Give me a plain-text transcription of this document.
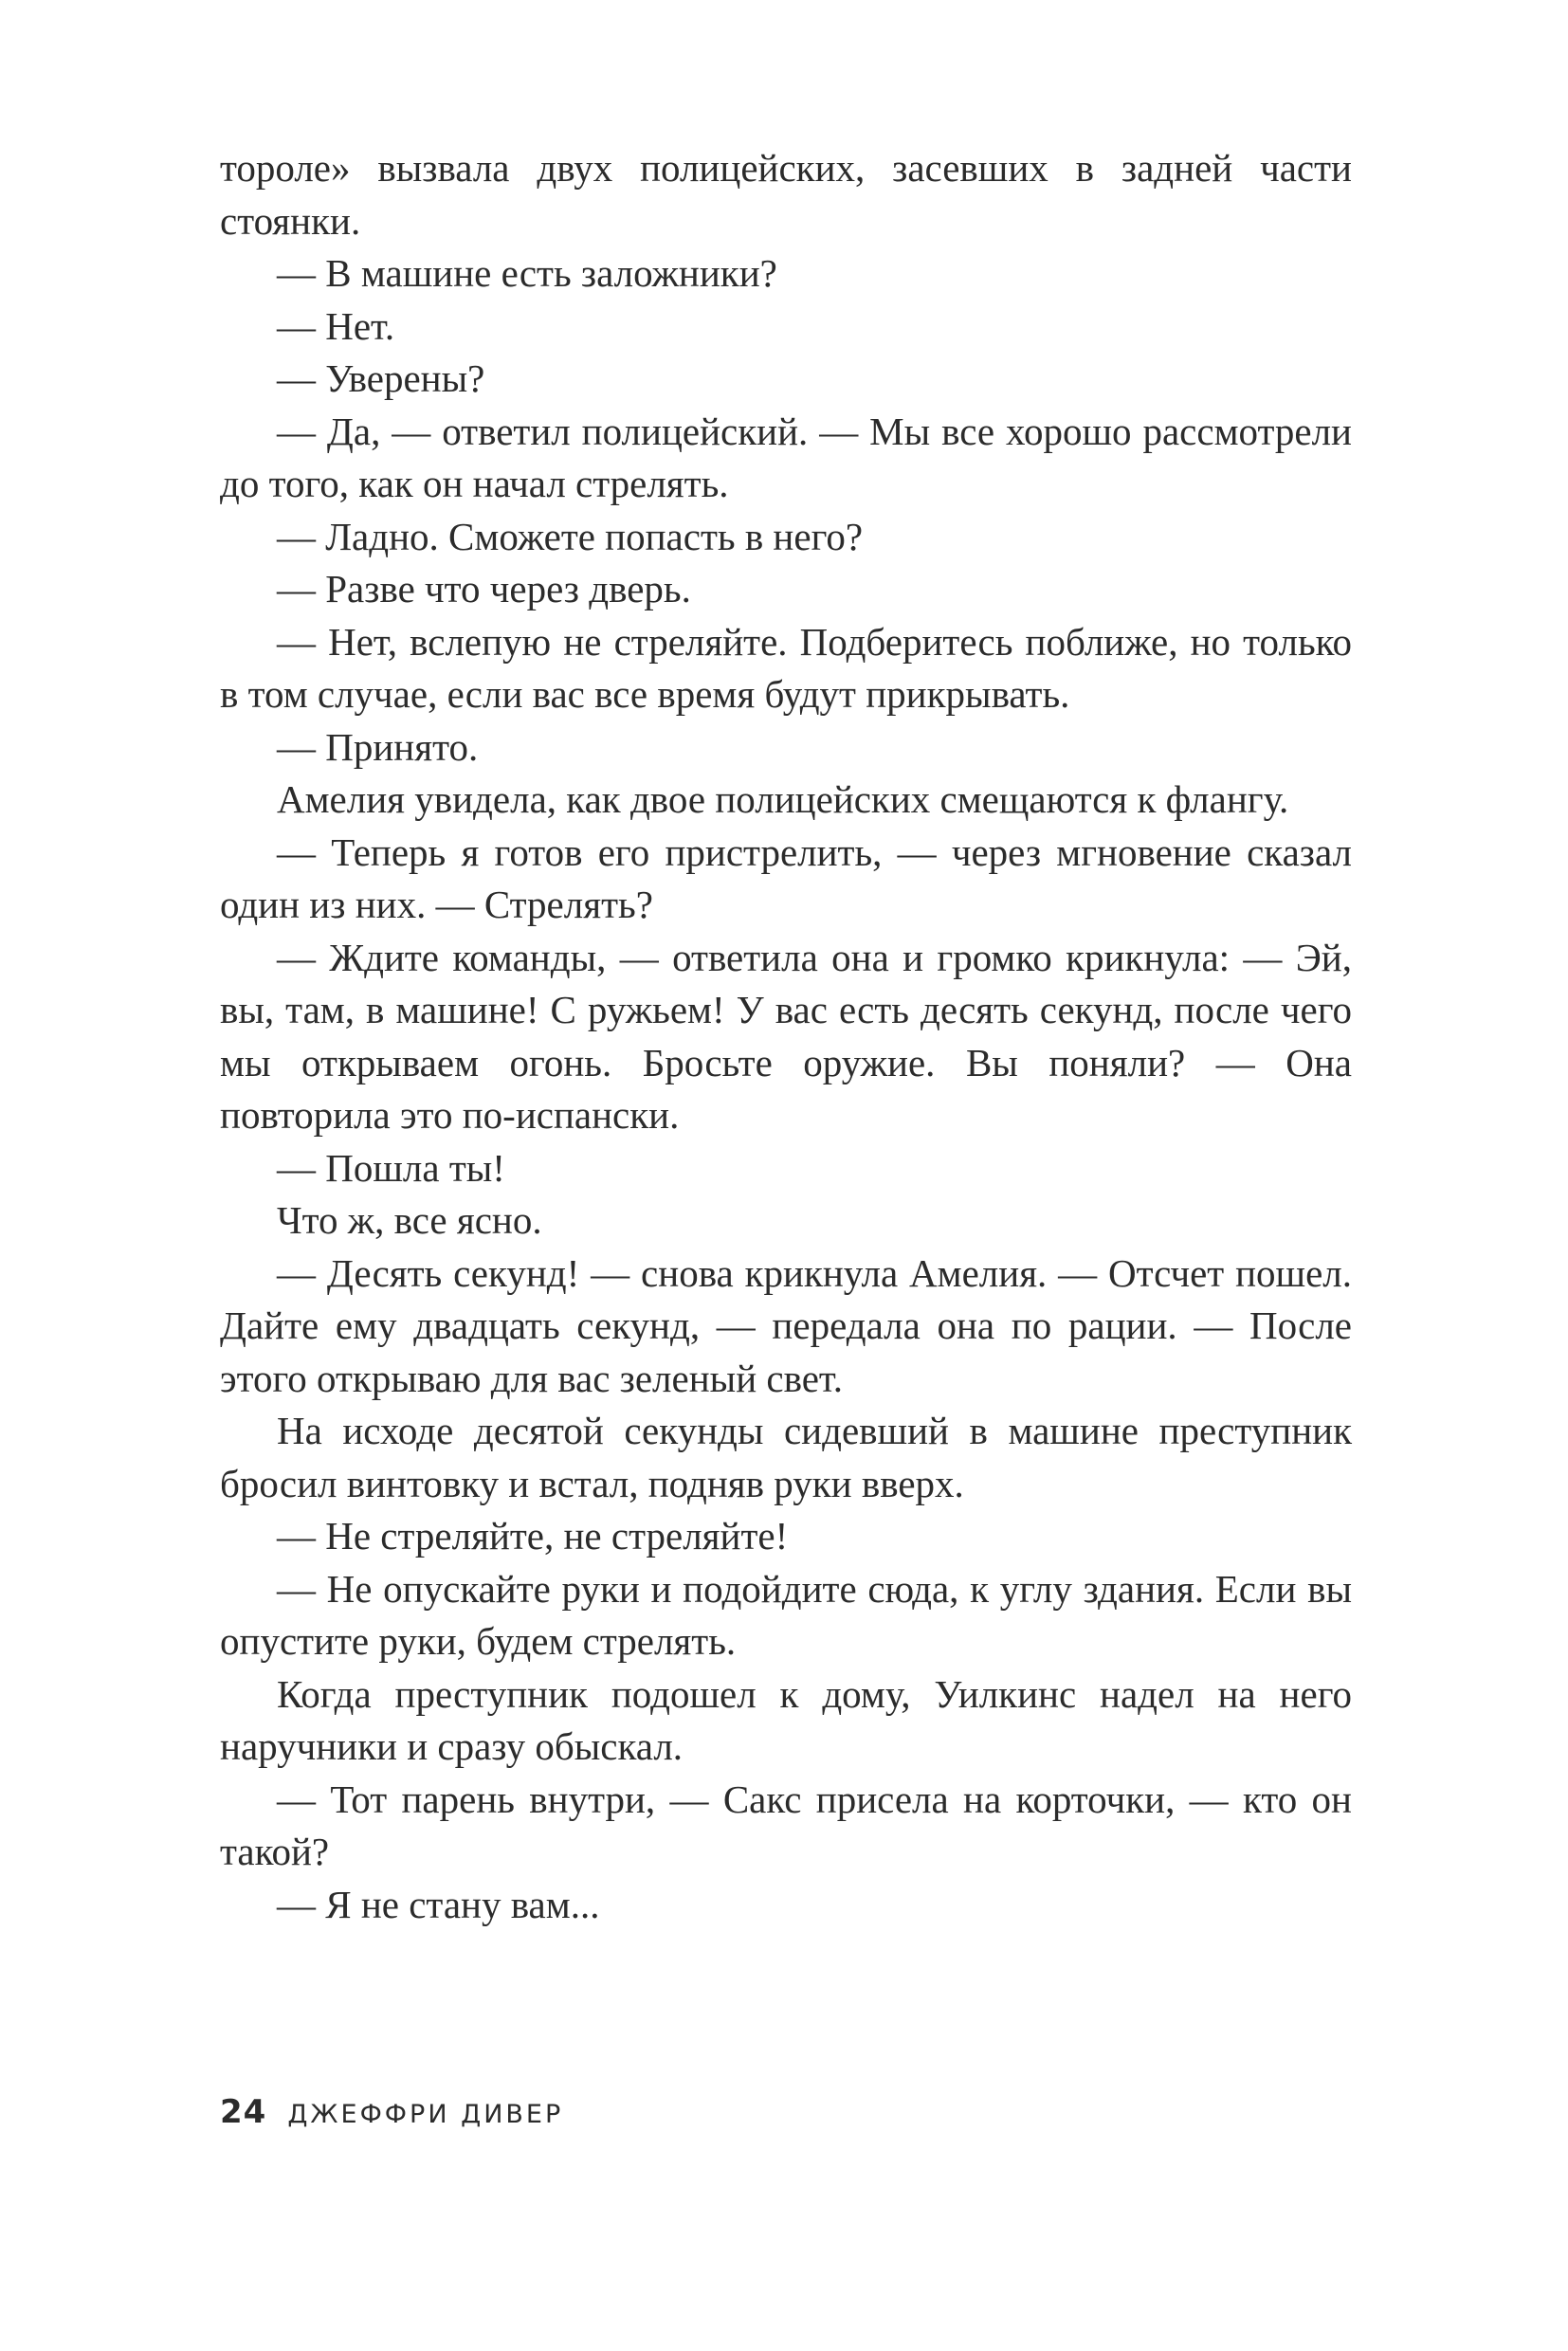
тороле» вызвала двух полицейских, засевших в задней части стоянки.

— В машине есть заложники?

— Нет.

— Уверены?

— Да, — ответил полицейский. — Мы все хорошо рассмотрели до того, как он начал стрелять.

— Ладно. Сможете попасть в него?

— Разве что через дверь.

— Нет, вслепую не стреляйте. Подберитесь поближе, но только в том случае, если вас все время будут прикрывать.

— Принято.

Амелия увидела, как двое полицейских смещаются к флангу.

— Теперь я готов его пристрелить, — через мгновение сказал один из них. — Стрелять?

— Ждите команды, — ответила она и громко крикнула: — Эй, вы, там, в машине! С ружьем! У вас есть десять секунд, после чего мы открываем огонь. Бросьте оружие. Вы поняли? — Она повторила это по-испански.

— Пошла ты!

Что ж, все ясно.

— Десять секунд! — снова крикнула Амелия. — Отсчет пошел. Дайте ему двадцать секунд, — передала она по рации. — После этого открываю для вас зеленый свет.

На исходе десятой секунды сидевший в машине преступник бросил винтовку и встал, подняв руки вверх.

— Не стреляйте, не стреляйте!

— Не опускайте руки и подойдите сюда, к углу здания. Если вы опустите руки, будем стрелять.

Когда преступник подошел к дому, Уилкинс надел на него наручники и сразу обыскал.

— Тот парень внутри, — Сакс присела на корточки, — кто он такой?

— Я не стану вам...

24 ДЖЕФФРИ ДИВЕР
